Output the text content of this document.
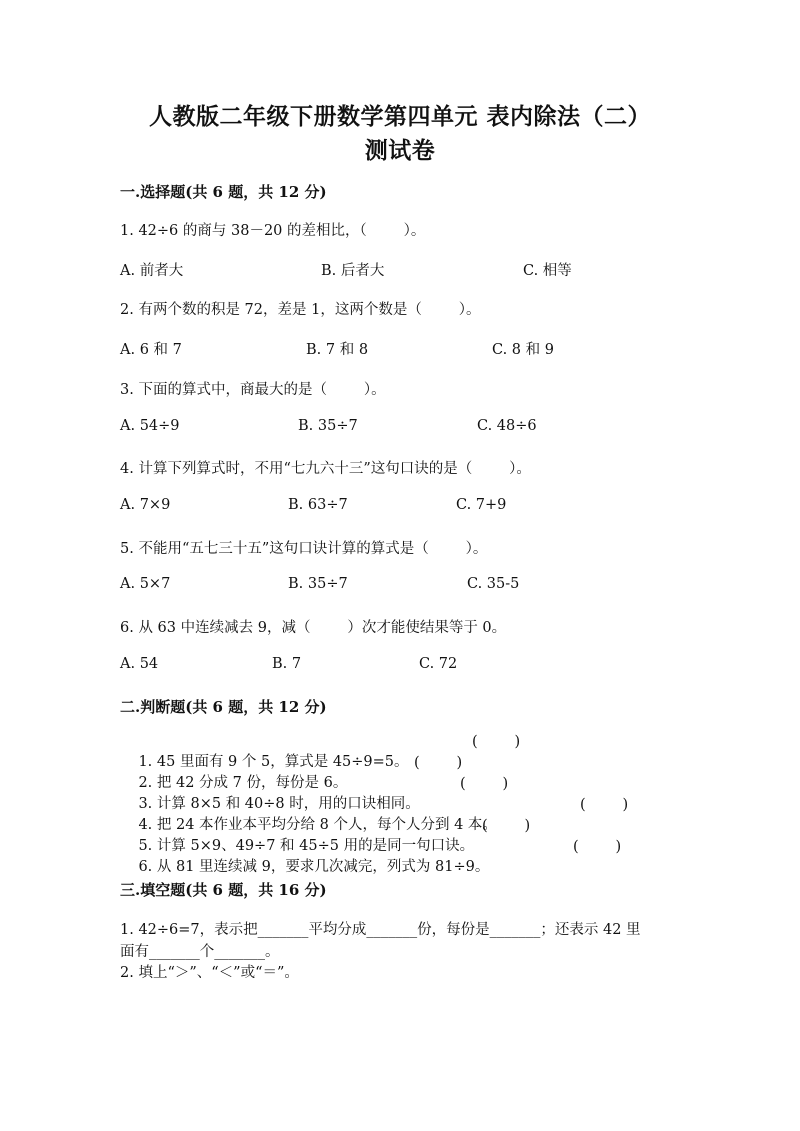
人教版二年级下册数学第四单元 表内除法（二）
测试卷
一.选择题(共 6 题，共 12 分)
1. 42÷6 的商与 38－20 的差相比，（        ）。
A. 前者大	B. 后者大	C. 相等
2. 有两个数的积是 72，差是 1，这两个数是（        ）。
A. 6 和 7	B. 7 和 8	C. 8 和 9
3. 下面的算式中，商最大的是（        ）。
A. 54÷9	B. 35÷7	C. 48÷6
4. 计算下列算式时，不用“七九六十三”这句口诀的是（        ）。
A. 7×9	B. 63÷7	C. 7+9
5. 不能用“五七三十五”这句口诀计算的算式是（        ）。
A. 5×7	B. 35÷7	C. 35-5
6. 从 63 中连续减去 9，减（        ）次才能使结果等于 0。
A. 54	B. 7	C. 72
二.判断题(共 6 题，共 12 分)

1. 45 里面有 9 个 5，算式是 45÷9=5。

(        )

2. 把 42 分成 7 份，每份是 6。

(        )

3. 计算 8×5 和 40÷8 时，用的口诀相同。

(        )

4. 把 24 本作业本平均分给 8 个人，每个人分到 4 本。

(        )

5. 计算 5×9、49÷7 和 45÷5 用的是同一句口诀。

(        )

6. 从 81 里连续减 9，要求几次减完，列式为 81÷9。

(        )
三.填空题(共 6 题，共 16 分)
1. 42÷6=7，表示把_______平均分成_______份，每份是_______；还表示 42 里
面有_______个_______。
2. 填上“＞”、“＜”或“＝”。
